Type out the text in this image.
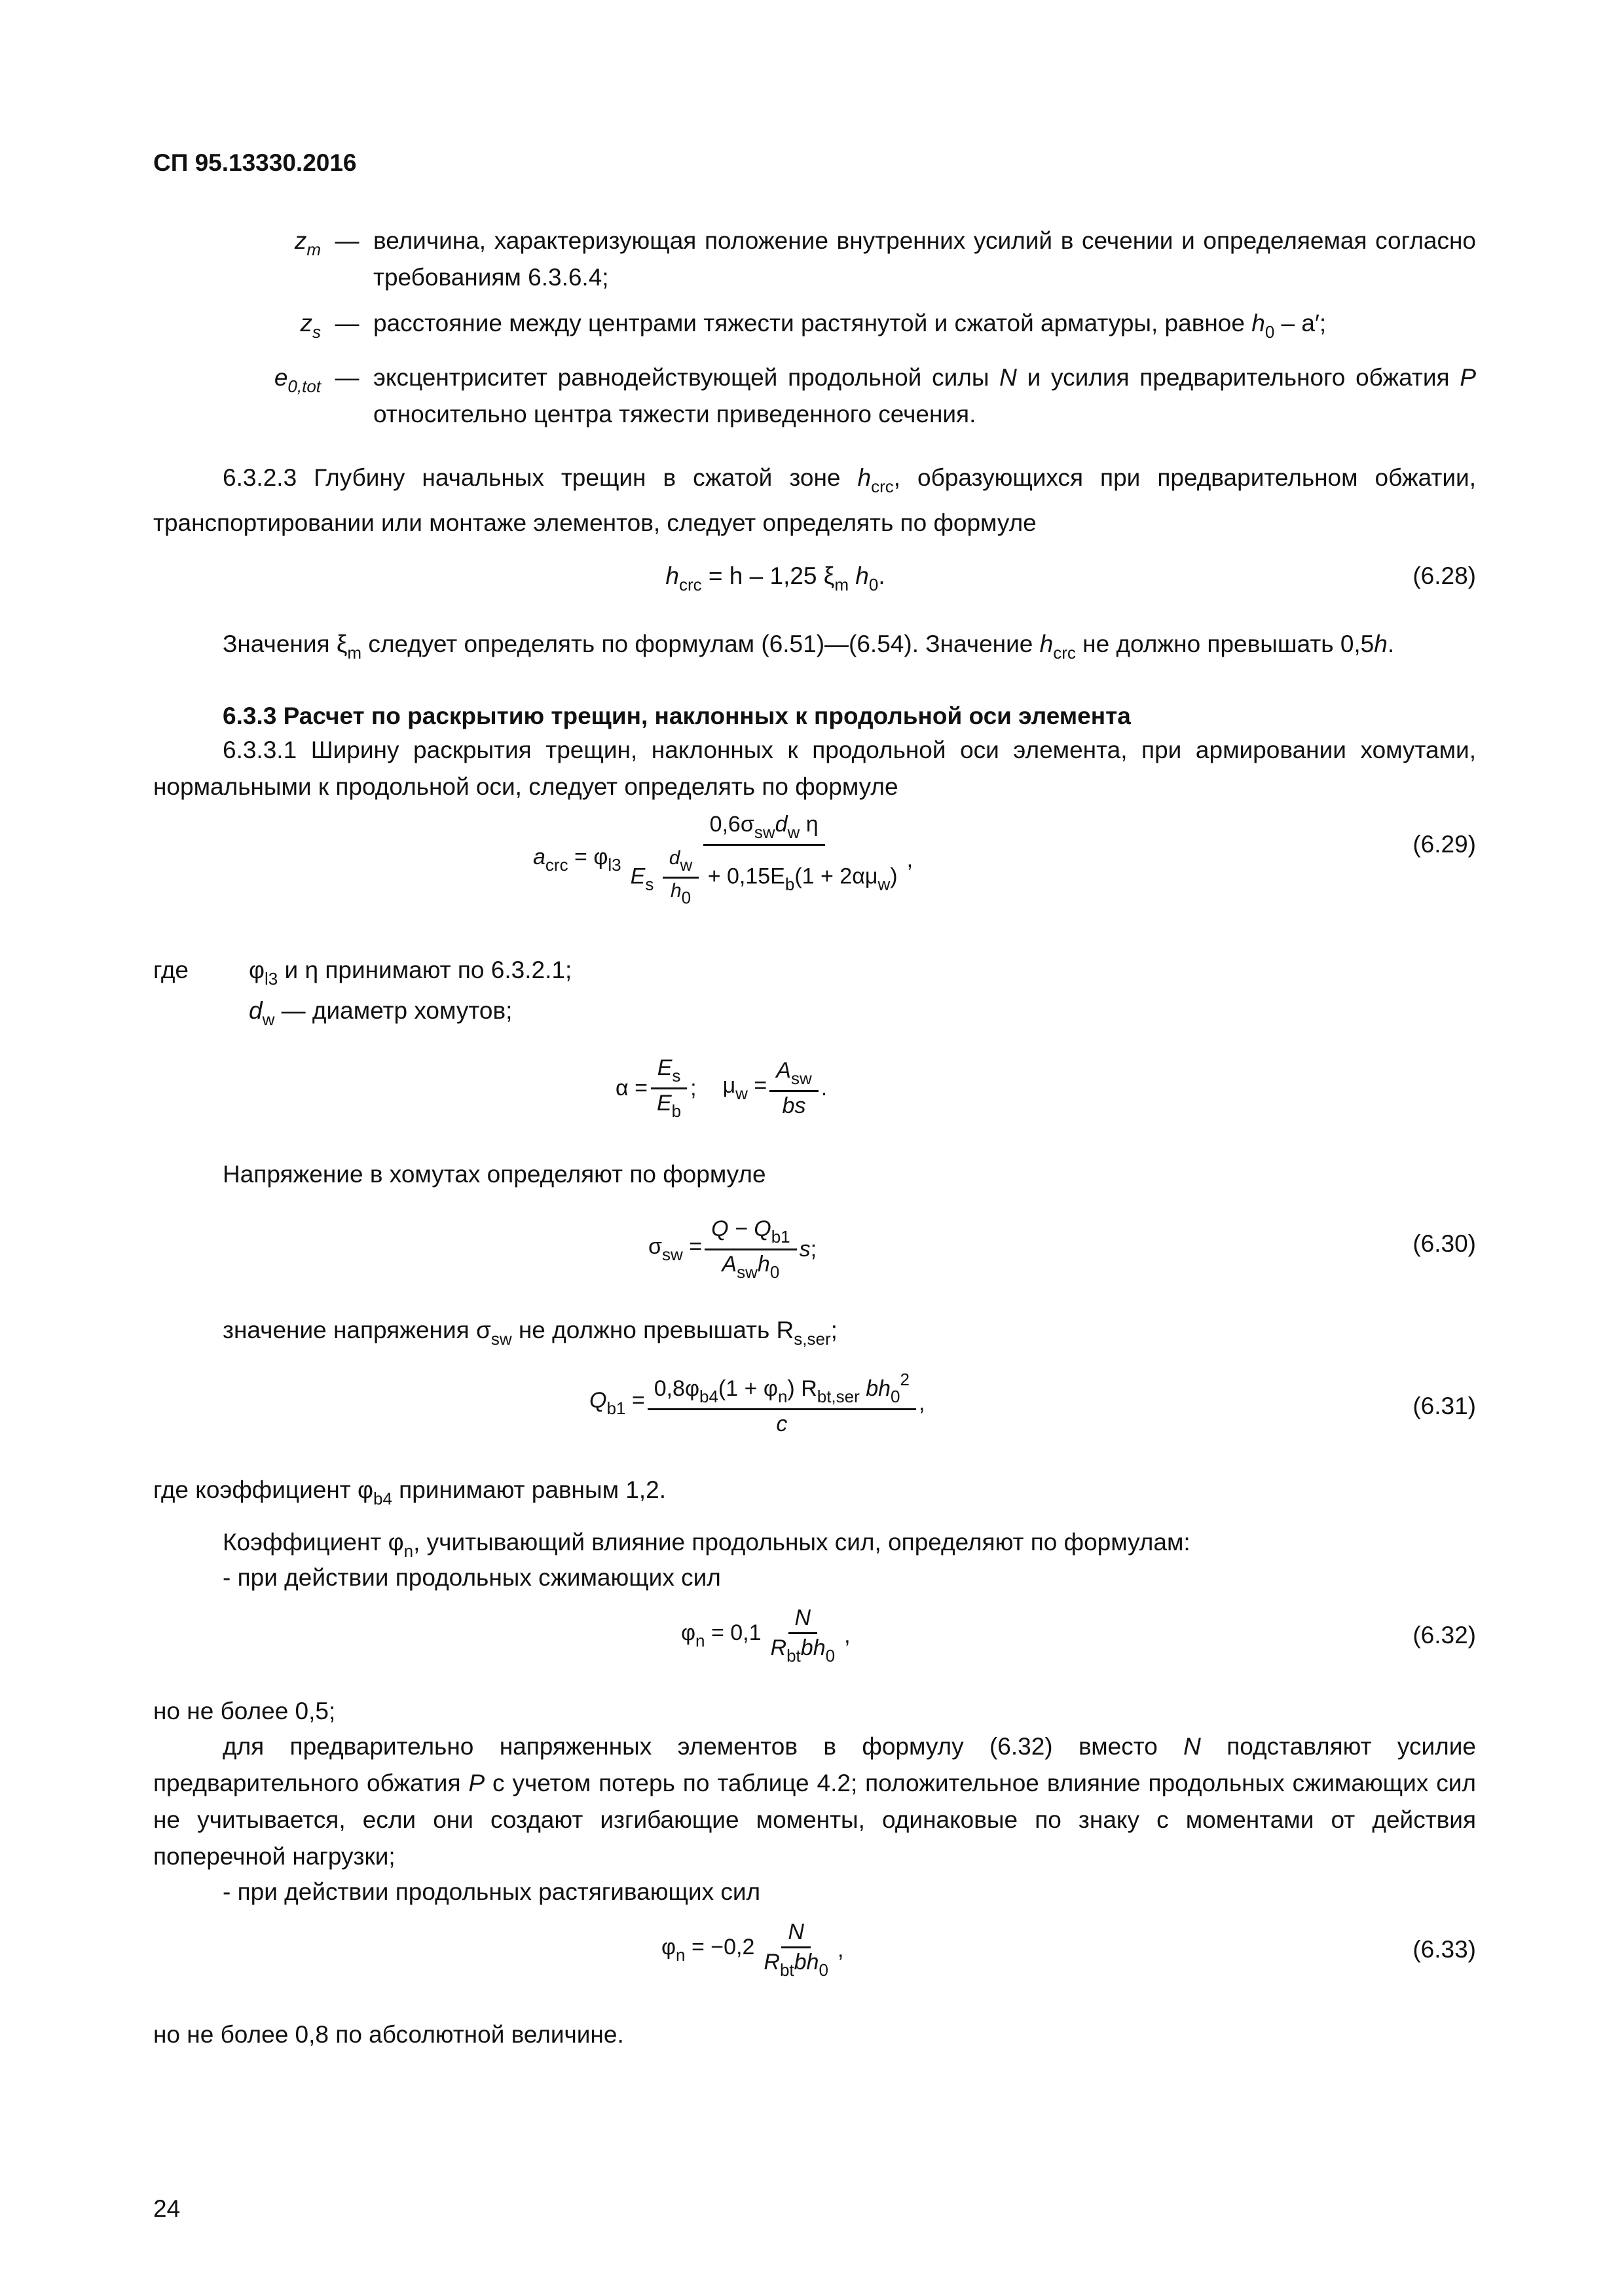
СП 95.13330.2016
$z_m$ — величина, характеризующая положение внутренних усилий в сечении и определяемая согласно требованиям 6.3.6.4;
$z_s$ — расстояние между центрами тяжести растянутой и сжатой арматуры, равное $h_0 - a'$;
$e_{0,tot}$ — эксцентриситет равнодействующей продольной силы N и усилия предварительного обжатия P относительно центра тяжести приведенного сечения.
6.3.2.3 Глубину начальных трещин в сжатой зоне $h_{crc}$, образующихся при предварительном обжатии, транспортировании или монтаже элементов, следует определять по формуле
$h_{crc} = h - 1,25$ $\xi_m$ $h_0$.	(6.28)
Значения $\xi_m$ следует определять по формулам (6.51)—(6.54). Значение $h_{crc}$ не должно превышать 0,5h.
6.3.3 Расчет по раскрытию трещин, наклонных к продольной оси элемента
6.3.3.1 Ширину раскрытия трещин, наклонных к продольной оси элемента, при армировании хомутами, нормальными к продольной оси, следует определять по формуле
$a_{crc} = \varphi_{l3} \frac{0,6\sigma_{sw}d_w \eta}{E_s \frac{d_w}{h_0} + 0,15E_b(1 + 2\alpha\mu_w)}$ ,
(6.29)
где $\varphi_{l3}$ и η принимают по 6.3.2.1;
$d_w$ — диаметр хомутов;
$\alpha = \frac{E_s}{E_b}$ ; $\mu_w = \frac{A_{sw}}{bs}$ .
Напряжение в хомутах определяют по формуле
$\sigma_{sw} = \frac{Q - Q_{b1}}{A_{sw}h_0}$ s ;	(6.30)
значение напряжения $\sigma_{sw}$ не должно превышать $R_{s,ser}$;
$Q_{b1} = \frac{0,8\varphi_{b4}(1 + \varphi_n) R_{bt,ser} bh_0^2}{c}$ ,	(6.31)
где коэффициент $\varphi_{b4}$ принимают равным 1,2.
Коэффициент $\varphi_n$, учитывающий влияние продольных сил, определяют по формулам:
- при действии продольных сжимающих сил
$\varphi_n = 0,1 \frac{N}{R_{bt}bh_0}$ ,	(6.32)
но не более 0,5;
для предварительно напряженных элементов в формулу (6.32) вместо N подставляют усилие предварительного обжатия P с учетом потерь по таблице 4.2; положительное влияние продольных сжимающих сил не учитывается, если они создают изгибающие моменты, одинаковые по знаку с моментами от действия поперечной нагрузки;
- при действии продольных растягивающих сил
$\varphi_n = -0,2 \frac{N}{R_{bt}bh_0}$ ,	(6.33)
но не более 0,8 по абсолютной величине.
24
